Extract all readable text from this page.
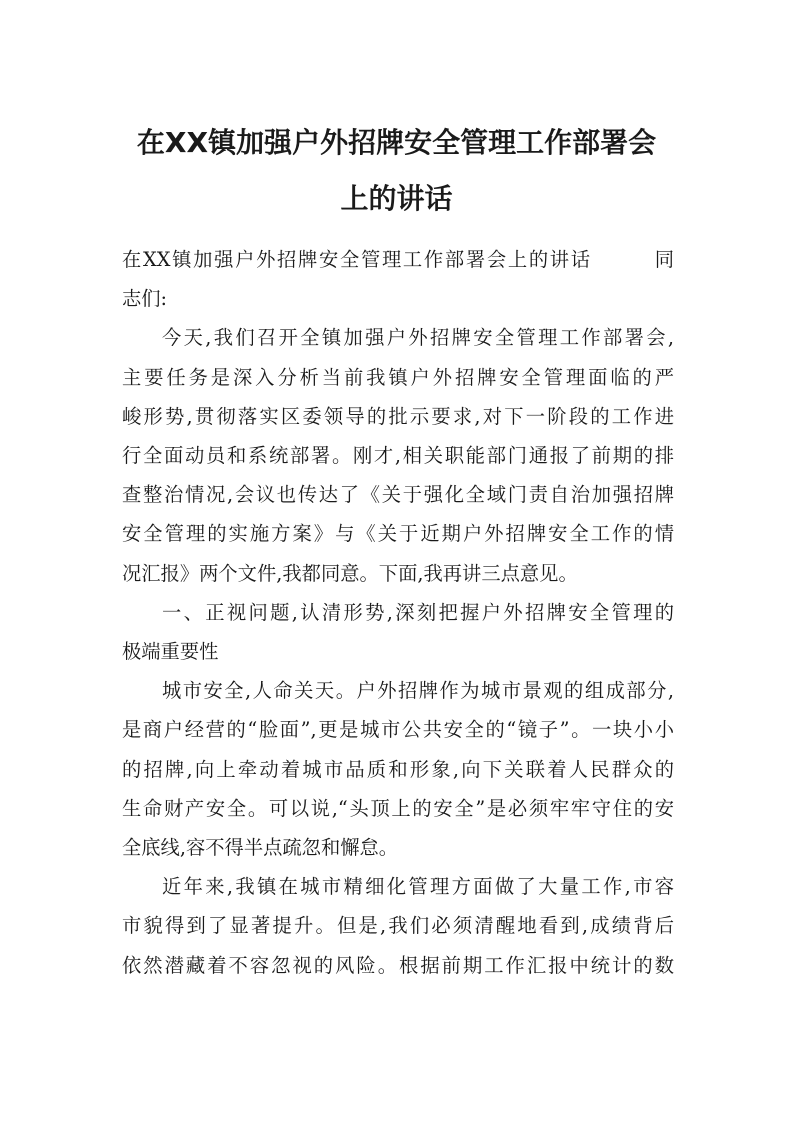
在XX镇加强户外招牌安全管理工作部署会
上的讲话
在XX镇加强户外招牌安全管理工作部署会上的讲话　　　同
志们:
今天,我们召开全镇加强户外招牌安全管理工作部署会,
主要任务是深入分析当前我镇户外招牌安全管理面临的严
峻形势,贯彻落实区委领导的批示要求,对下一阶段的工作进
行全面动员和系统部署。刚才,相关职能部门通报了前期的排
查整治情况,会议也传达了《关于强化全域门责自治加强招牌
安全管理的实施方案》与《关于近期户外招牌安全工作的情
况汇报》两个文件,我都同意。下面,我再讲三点意见。
一、正视问题,认清形势,深刻把握户外招牌安全管理的
极端重要性
城市安全,人命关天。户外招牌作为城市景观的组成部分,
是商户经营的“脸面”,更是城市公共安全的“镜子”。一块小小
的招牌,向上牵动着城市品质和形象,向下关联着人民群众的
生命财产安全。可以说,“头顶上的安全”是必须牢牢守住的安
全底线,容不得半点疏忽和懈怠。
近年来,我镇在城市精细化管理方面做了大量工作,市容
市貌得到了显著提升。但是,我们必须清醒地看到,成绩背后
依然潜藏着不容忽视的风险。根据前期工作汇报中统计的数
